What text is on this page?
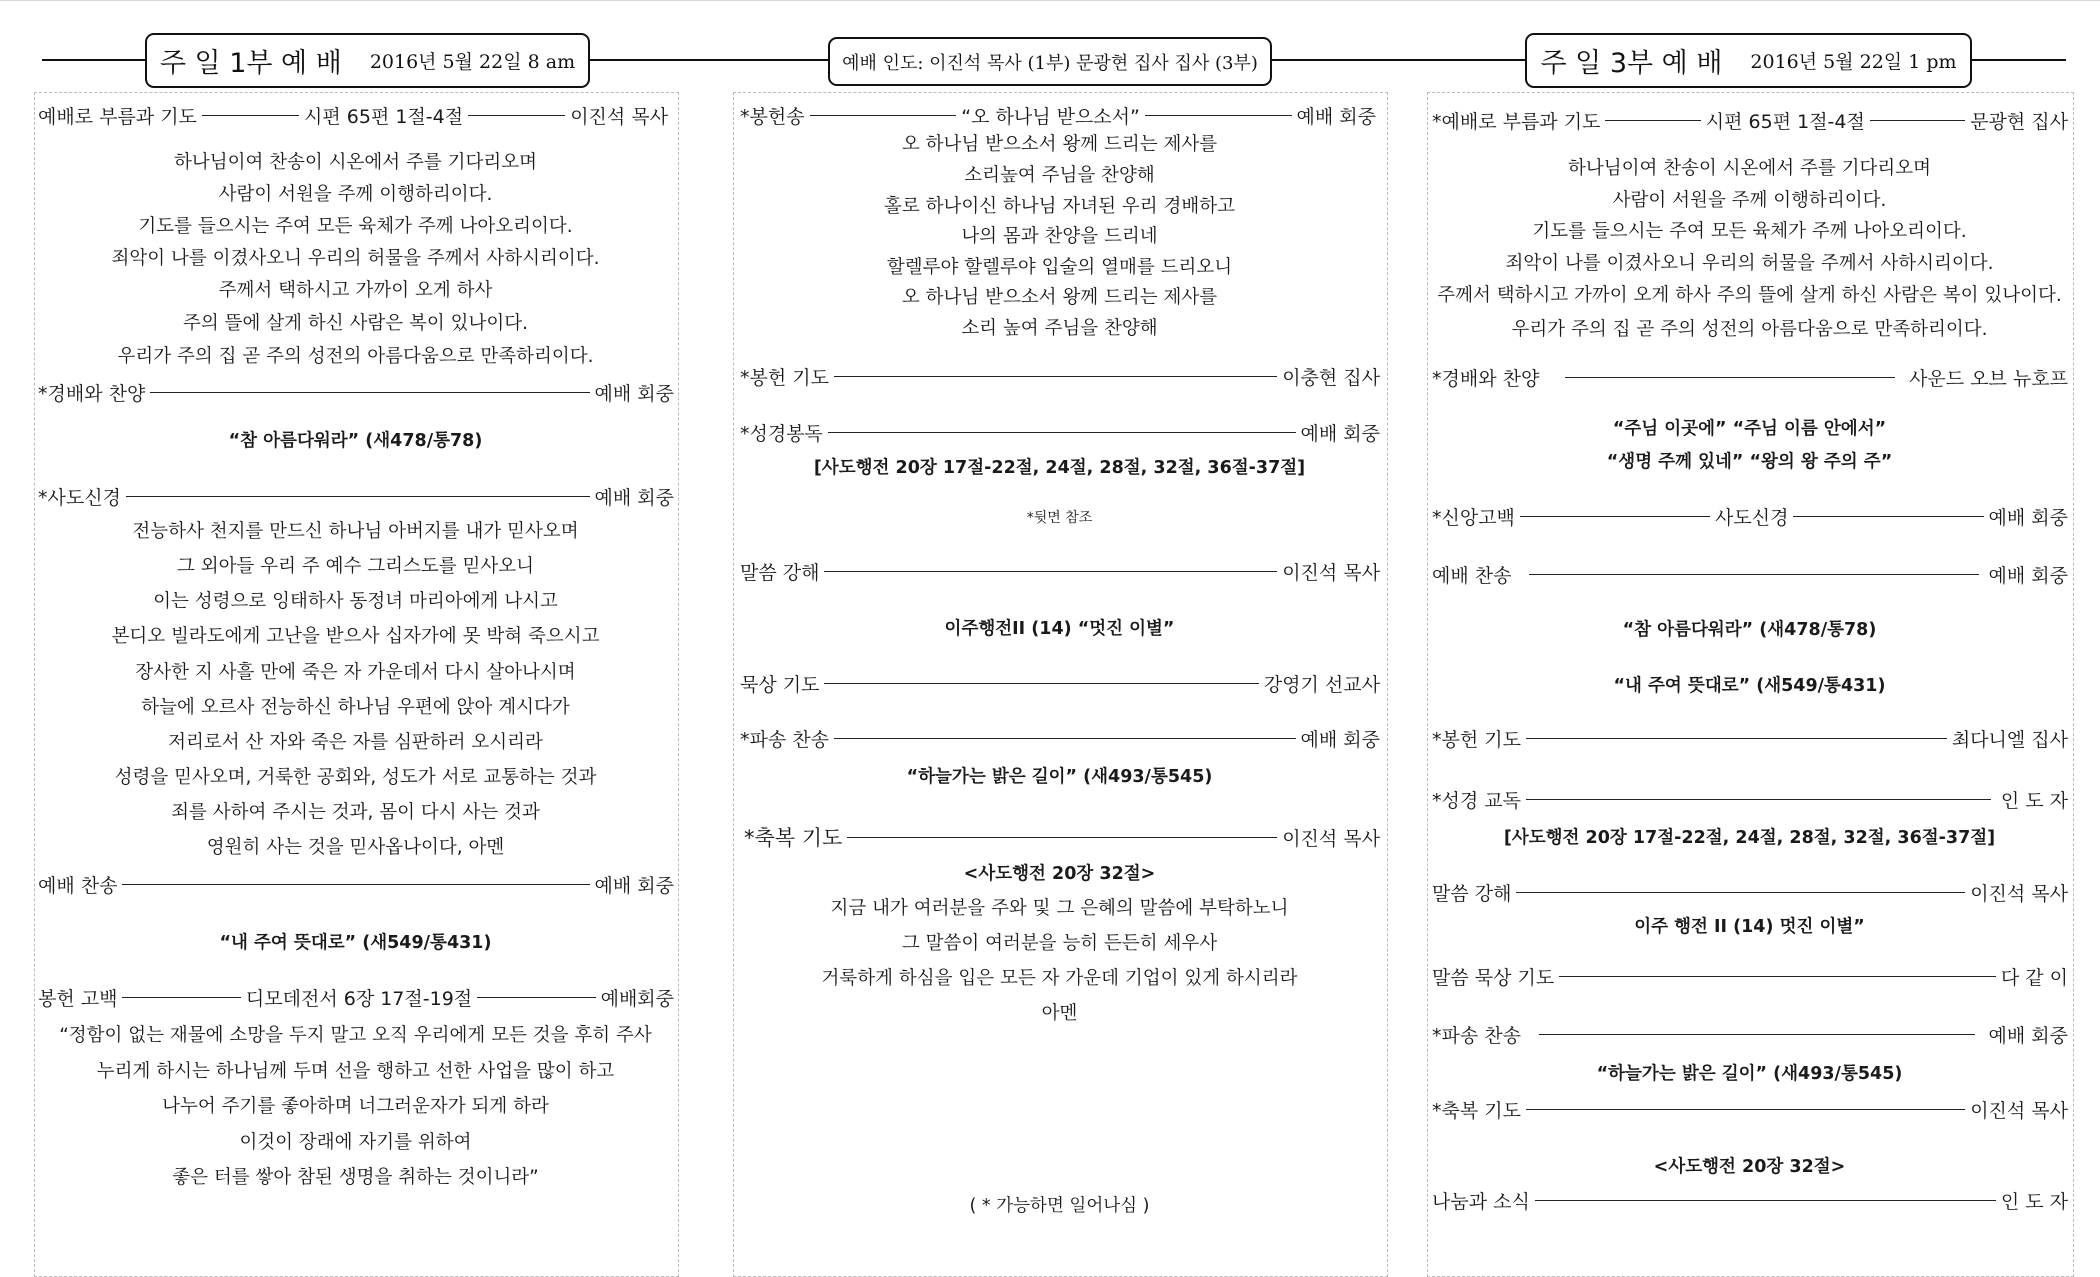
주 일 1부 예 배 2016년 5월 22일 8 am	예배 인도: 이진석 목사 (1부) 문광현 집사 집사 (3부)	주 일 3부 예 배 2016년 5월 22일 1 pm
예배로 부름과 기도	시편 65편 1절-4절	이진석 목사
하나님이여 찬송이 시온에서 주를 기다리오며
사람이 서원을 주께 이행하리이다.
기도를 들으시는 주여 모든 육체가 주께 나아오리이다.
죄악이 나를 이겼사오니 우리의 허물을 주께서 사하시리이다.
주께서 택하시고 가까이 오게 하사
주의 뜰에 살게 하신 사람은 복이 있나이다.
우리가 주의 집 곧 주의 성전의 아름다움으로 만족하리이다.
*경배와 찬양	예배 회중
“참 아름다워라” (새478/통78)
*사도신경	예배 회중
전능하사 천지를 만드신 하나님 아버지를 내가 믿사오며
그 외아들 우리 주 예수 그리스도를 믿사오니
이는 성령으로 잉태하사 동정녀 마리아에게 나시고
본디오 빌라도에게 고난을 받으사 십자가에 못 박혀 죽으시고
장사한 지 사흘 만에 죽은 자 가운데서 다시 살아나시며
하늘에 오르사 전능하신 하나님 우편에 앉아 계시다가
저리로서 산 자와 죽은 자를 심판하러 오시리라
성령을 믿사오며, 거룩한 공회와, 성도가 서로 교통하는 것과
죄를 사하여 주시는 것과, 몸이 다시 사는 것과
영원히 사는 것을 믿사옵나이다, 아멘
예배 찬송	예배 회중
“내 주여 뜻대로” (새549/통431)
봉헌 고백	디모데전서 6장 17절-19절	예배회중
“정함이 없는 재물에 소망을 두지 말고 오직 우리에게 모든 것을 후히 주사
누리게 하시는 하나님께 두며 선을 행하고 선한 사업을 많이 하고
나누어 주기를 좋아하며 너그러운자가 되게 하라
이것이 장래에 자기를 위하여
좋은 터를 쌓아 참된 생명을 취하는 것이니라”
*봉헌송	“오 하나님 받으소서”	예배 회중
오 하나님 받으소서 왕께 드리는 제사를
소리높여 주님을 찬양해
홀로 하나이신 하나님 자녀된 우리 경배하고
나의 몸과 찬양을 드리네
할렐루야 할렐루야 입술의 열매를 드리오니
오 하나님 받으소서 왕께 드리는 제사를
소리 높여 주님을 찬양해
*봉헌 기도	이충현 집사
*성경봉독	예배 회중
[사도행전 20장 17절-22절, 24절, 28절, 32절, 36절-37절]
*뒷면 참조
말씀 강해	이진석 목사
이주행전II (14) “멋진 이별”
묵상 기도	강영기 선교사
*파송 찬송	예배 회중
“하늘가는 밝은 길이” (새493/통545)
*축복 기도	이진석 목사
<사도행전 20장 32절>
지금 내가 여러분을 주와 및 그 은혜의 말씀에 부탁하노니
그 말씀이 여러분을 능히 든든히 세우사
거룩하게 하심을 입은 모든 자 가운데 기업이 있게 하시리라
아멘
( * 가능하면 일어나심 )
*예배로 부름과 기도	시편 65편 1절-4절	문광현 집사
하나님이여 찬송이 시온에서 주를 기다리오며
사람이 서원을 주께 이행하리이다.
기도를 들으시는 주여 모든 육체가 주께 나아오리이다.
죄악이 나를 이겼사오니 우리의 허물을 주께서 사하시리이다.
주께서 택하시고 가까이 오게 하사 주의 뜰에 살게 하신 사람은 복이 있나이다.
우리가 주의 집 곧 주의 성전의 아름다움으로 만족하리이다.
*경배와 찬양	사운드 오브 뉴호프
“주님 이곳에” “주님 이름 안에서”
“생명 주께 있네” “왕의 왕 주의 주”
*신앙고백	사도신경	예배 회중
예배 찬송	예배 회중
“참 아름다워라” (새478/통78)
“내 주여 뜻대로” (새549/통431)
*봉헌 기도	최다니엘 집사
*성경 교독	인 도 자
[사도행전 20장 17절-22절, 24절, 28절, 32절, 36절-37절]
말씀 강해	이진석 목사
이주 행전 II (14) 멋진 이별”
말씀 묵상 기도	다 같 이
*파송 찬송	예배 회중
“하늘가는 밝은 길이” (새493/통545)
*축복 기도	이진석 목사
<사도행전 20장 32절>
나눔과 소식	인 도 자
